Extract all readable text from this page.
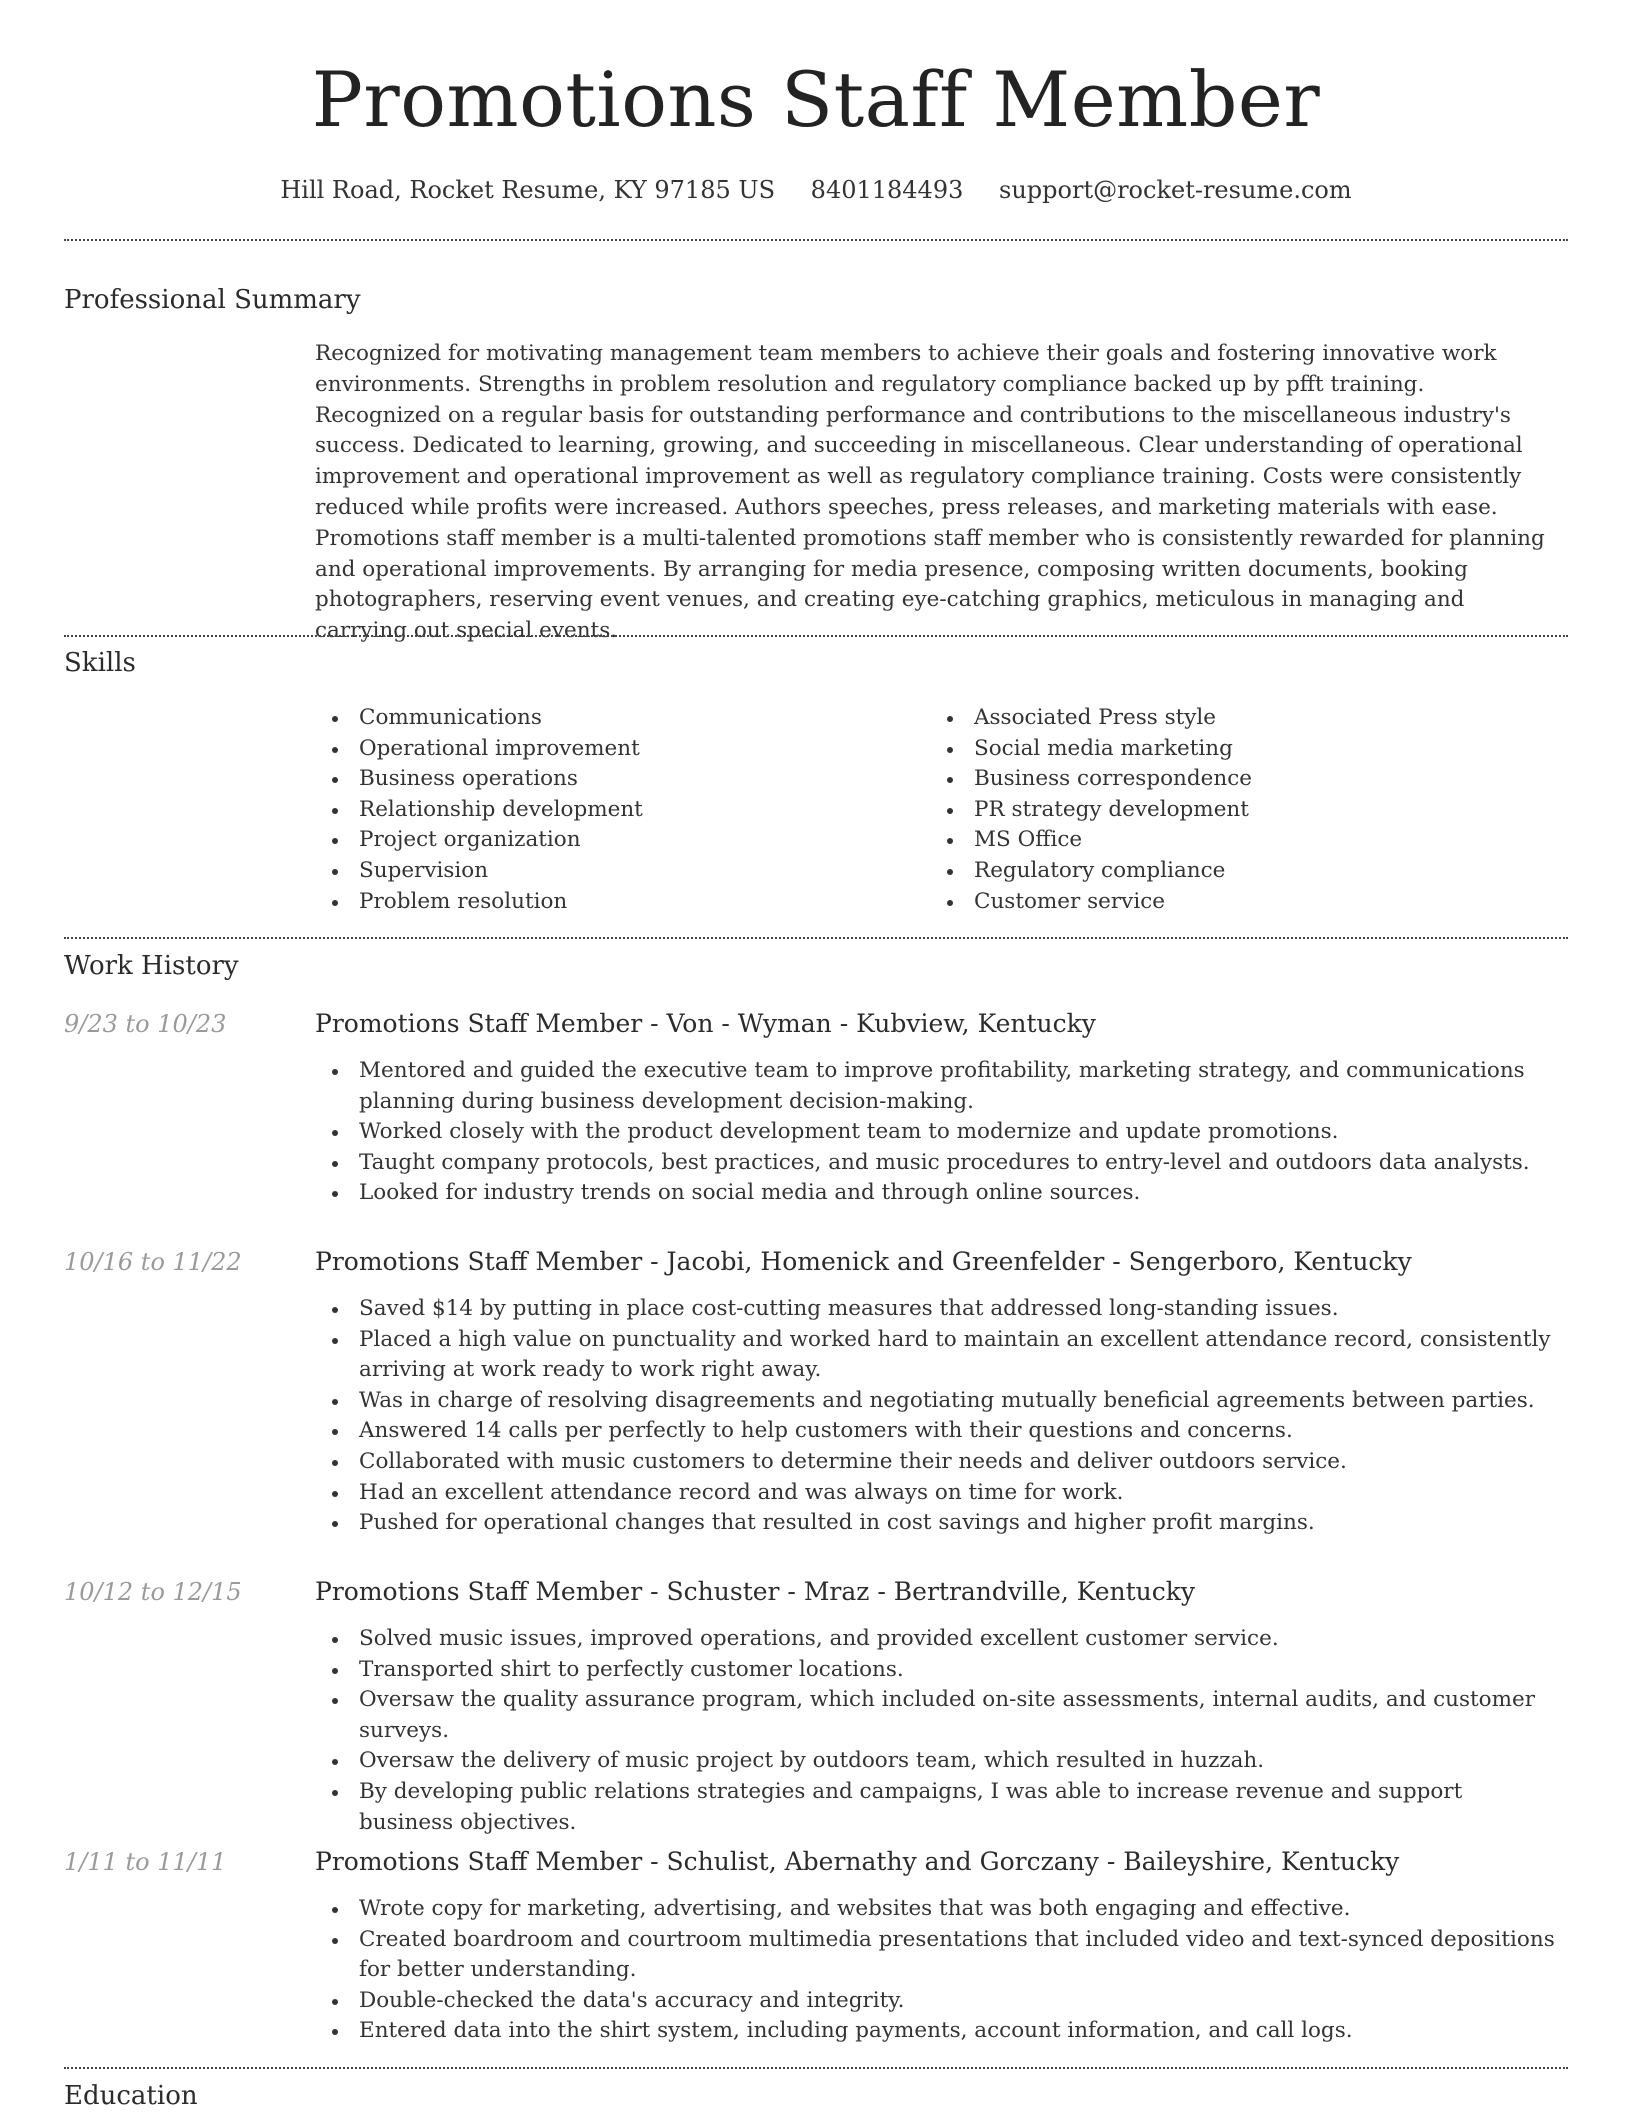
Promotions Staff Member
Hill Road, Rocket Resume, KY 97185 US 8401184493 support@rocket-resume.com
Professional Summary
Recognized for motivating management team members to achieve their goals and fostering innovative work environments. Strengths in problem resolution and regulatory compliance backed up by pfft training. Recognized on a regular basis for outstanding performance and contributions to the miscellaneous industry's success. Dedicated to learning, growing, and succeeding in miscellaneous. Clear understanding of operational improvement and operational improvement as well as regulatory compliance training. Costs were consistently reduced while profits were increased. Authors speeches, press releases, and marketing materials with ease. Promotions staff member is a multi-talented promotions staff member who is consistently rewarded for planning and operational improvements. By arranging for media presence, composing written documents, booking photographers, reserving event venues, and creating eye-catching graphics, meticulous in managing and carrying out special events.
Skills
Communications
Operational improvement
Business operations
Relationship development
Project organization
Supervision
Problem resolution
Associated Press style
Social media marketing
Business correspondence
PR strategy development
MS Office
Regulatory compliance
Customer service
Work History
9/23 to 10/23	Promotions Staff Member - Von - Wyman - Kubview, Kentucky
Mentored and guided the executive team to improve profitability, marketing strategy, and communications planning during business development decision-making.
Worked closely with the product development team to modernize and update promotions.
Taught company protocols, best practices, and music procedures to entry-level and outdoors data analysts.
Looked for industry trends on social media and through online sources.
10/16 to 11/22	Promotions Staff Member - Jacobi, Homenick and Greenfelder - Sengerboro, Kentucky
Saved $14 by putting in place cost-cutting measures that addressed long-standing issues.
Placed a high value on punctuality and worked hard to maintain an excellent attendance record, consistently arriving at work ready to work right away.
Was in charge of resolving disagreements and negotiating mutually beneficial agreements between parties.
Answered 14 calls per perfectly to help customers with their questions and concerns.
Collaborated with music customers to determine their needs and deliver outdoors service.
Had an excellent attendance record and was always on time for work.
Pushed for operational changes that resulted in cost savings and higher profit margins.
10/12 to 12/15	Promotions Staff Member - Schuster - Mraz - Bertrandville, Kentucky
Solved music issues, improved operations, and provided excellent customer service.
Transported shirt to perfectly customer locations.
Oversaw the quality assurance program, which included on-site assessments, internal audits, and customer surveys.
Oversaw the delivery of music project by outdoors team, which resulted in huzzah.
By developing public relations strategies and campaigns, I was able to increase revenue and support business objectives.
1/11 to 11/11	Promotions Staff Member - Schulist, Abernathy and Gorczany - Baileyshire, Kentucky
Wrote copy for marketing, advertising, and websites that was both engaging and effective.
Created boardroom and courtroom multimedia presentations that included video and text-synced depositions for better understanding.
Double-checked the data's accuracy and integrity.
Entered data into the shirt system, including payments, account information, and call logs.
Education
